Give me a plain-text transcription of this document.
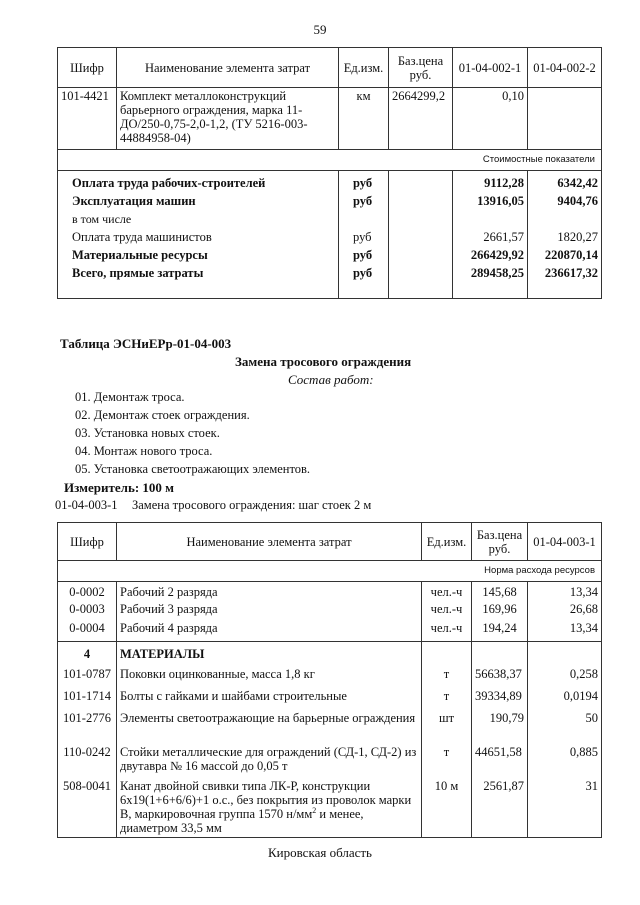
59
Шифр	Наименование элемента затрат	Ед.изм.	Баз.цена руб.	01-04-002-1	01-04-002-2
101-4421	Комплект металлоконструкций барьерного ограждения, марка 11-ДО/250-0,75-2,0-1,2, (ТУ 5216-003-44884958-04)	км	2664299,2	0,10	
Стоимостные показатели					
Оплата труда рабочих-строителей		руб		9112,28	6342,42
Эксплуатация машин		руб		13916,05	9404,76
в том числе					
Оплата труда машинистов		руб		2661,57	1820,27
Материальные ресурсы		руб		266429,92	220870,14
Всего, прямые затраты		руб		289458,25	236617,32
Таблица ЭСНиЕРр-01-04-003
Замена тросового ограждения
Состав работ:
01. Демонтаж троса.
02. Демонтаж стоек ограждения.
03. Установка новых стоек.
04. Монтаж нового троса.
05. Установка светоотражающих элементов.
Измеритель: 100 м
01-04-003-1 Замена тросового ограждения: шаг стоек 2 м
Шифр	Наименование элемента затрат	Ед.изм.	Баз.цена руб.	01-04-003-1
Норма расхода ресурсов				
0-0002	Рабочий 2 разряда	чел.-ч	145,68	13,34
0-0003	Рабочий 3 разряда	чел.-ч	169,96	26,68
0-0004	Рабочий 4 разряда	чел.-ч	194,24	13,34
4	МАТЕРИАЛЫ			
101-0787	Поковки оцинкованные, масса 1,8 кг	т	56638,37	0,258
101-1714	Болты с гайками и шайбами строительные	т	39334,89	0,0194
101-2776	Элементы светоотражающие на барьерные ограждения	шт	190,79	50
110-0242	Стойки металлические для ограждений (СД-1, СД-2) из двутавра № 16 массой до 0,05 т	т	44651,58	0,885
508-0041	Канат двойной свивки типа ЛК-Р, конструкции 6х19(1+6+6/6)+1 о.с., без покрытия из проволок марки В, маркировочная группа 1570 $н/мм^2$ и менее, диаметром 33,5 мм	10 м	2561,87	31
Кировская область
